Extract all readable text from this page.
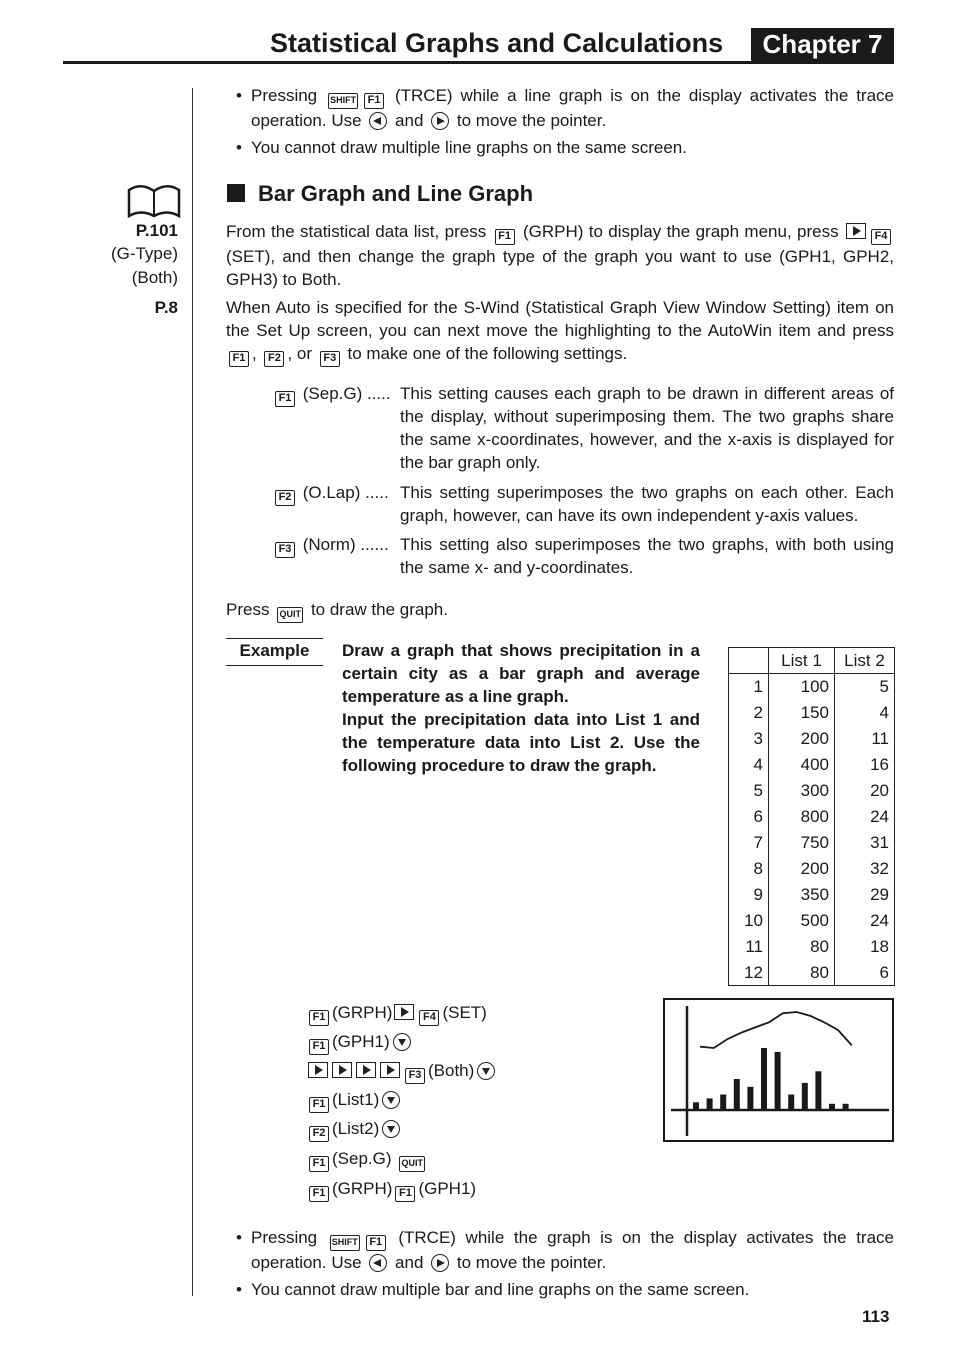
Statistical Graphs and Calculations	Chapter 7
• Pressing SHIFT F1 (TRCE) while a line graph is on the display activates the trace operation. Use and to move the pointer.
• You cannot draw multiple line graphs on the same screen.
P.101
(G-Type)
(Both)
P.8
Bar Graph and Line Graph
From the statistical data list, press F1 (GRPH) to display the graph menu, press	F4 (SET), and then change the graph type of the graph you want to use (GPH1, GPH2, GPH3) to Both.
When Auto is specified for the S-Wind (Statistical Graph View Window Setting) item on the Set Up screen, you can next move the highlighting to the AutoWin item and press F1 , F2 , or F3 to make one of the following settings.
F1 (Sep.G) ..... This setting causes each graph to be drawn in different areas of the display, without superimposing them. The two graphs share the same x-coordinates, however, and the x-axis is displayed for the bar graph only.
F2 (O.Lap) ..... This setting superimposes the two graphs on each other. Each graph, however, can have its own independent y-axis values.
F3 (Norm) ...... This setting also superimposes the two graphs, with both using the same x- and y-coordinates.
Press QUIT to draw the graph.
Example	Draw a graph that shows precipitation in a certain city as a bar graph and average temperature as a line graph.
Input the precipitation data into List 1 and the temperature data into List 2. Use the following procedure to draw the graph.
	List 1	List 2
1	100	5
2	150	4
3	200	11
4	400	16
5	300	20
6	800	24
7	750	31
8	200	32
9	350	29
10	500	24
11	80	18
12	80	6
F1 (GRPH)	F4 (SET)
F1 (GPH1)
F3 (Both)
F1 (List1)
F2 (List2)
F1 (Sep.G) QUIT
F1 (GRPH) F1 (GPH1)
• Pressing SHIFT F1 (TRCE) while the graph is on the display activates the trace operation. Use and to move the pointer.
• You cannot draw multiple bar and line graphs on the same screen.
113
